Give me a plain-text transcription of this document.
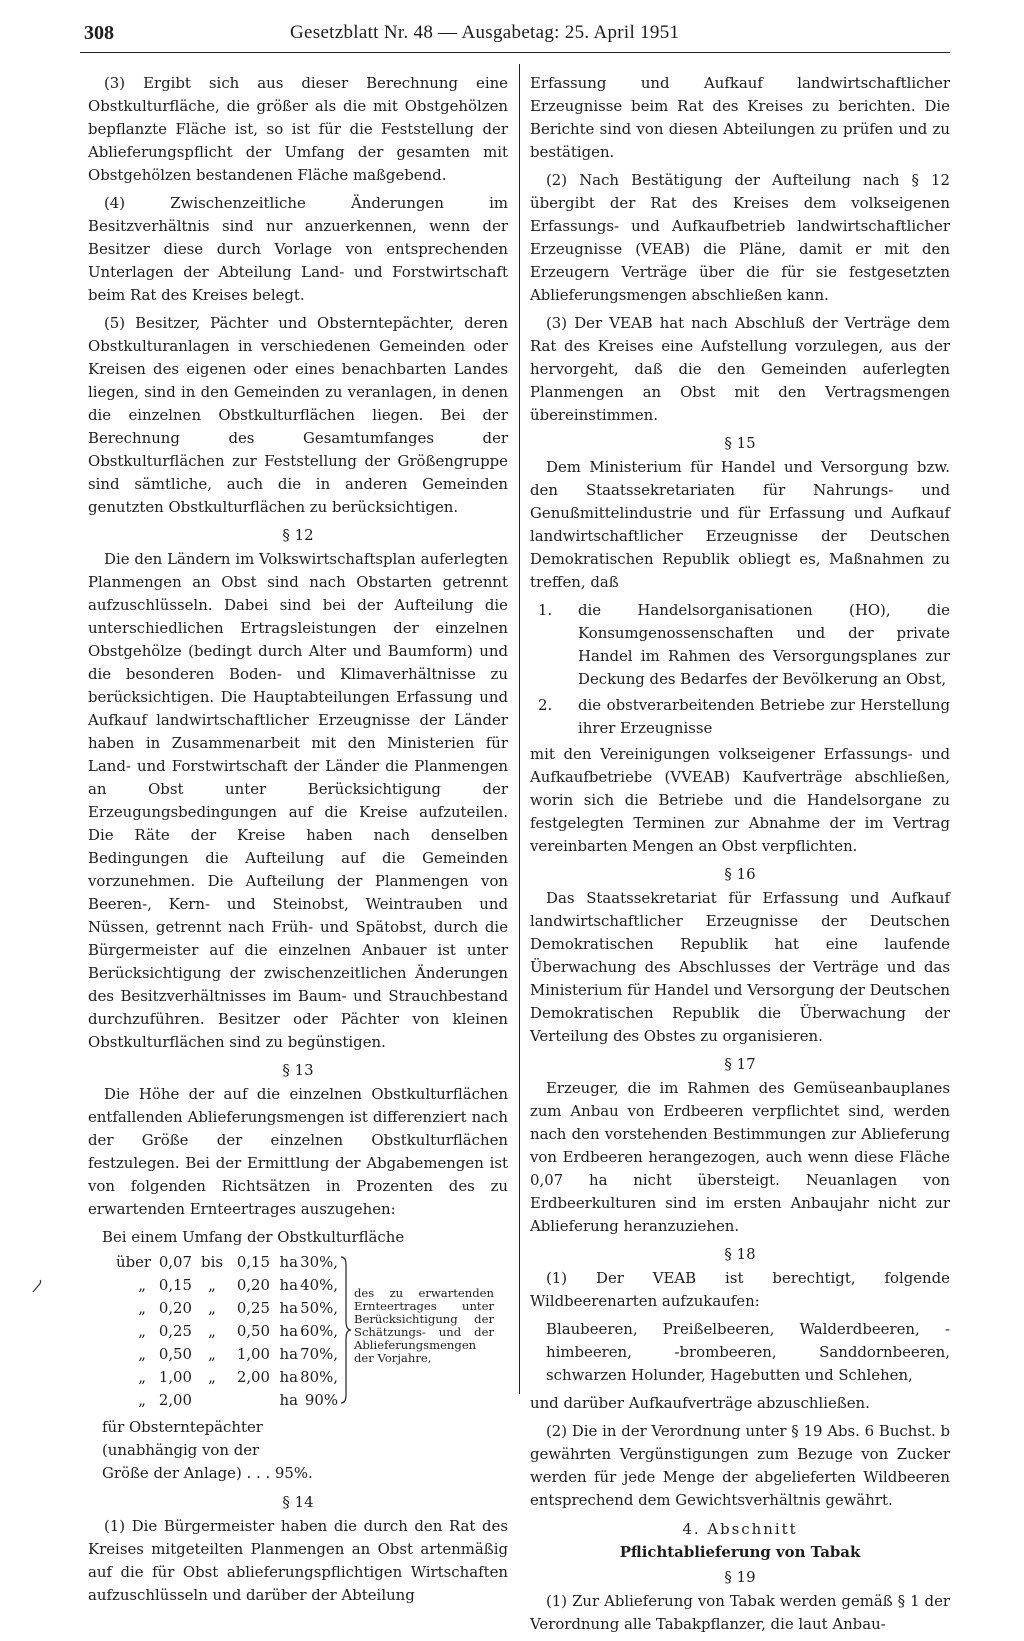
308	Gesetzblatt Nr. 48 — Ausgabetag: 25. April 1951

(3) Ergibt sich aus dieser Berechnung eine Obstkulturfläche, die größer als die mit Obstgehölzen bepflanzte Fläche ist, so ist für die Feststellung der Ablieferungspflicht der Umfang der gesamten mit Obstgehölzen bestandenen Fläche maßgebend.

(4) Zwischenzeitliche Änderungen im Besitzverhältnis sind nur anzuerkennen, wenn der Besitzer diese durch Vorlage von entsprechenden Unterlagen der Abteilung Land- und Forstwirtschaft beim Rat des Kreises belegt.

(5) Besitzer, Pächter und Obsterntepächter, deren Obstkulturanlagen in verschiedenen Gemeinden oder Kreisen des eigenen oder eines benachbarten Landes liegen, sind in den Gemeinden zu veranlagen, in denen die einzelnen Obstkulturflächen liegen. Bei der Berechnung des Gesamtumfanges der Obstkulturflächen zur Feststellung der Größengruppe sind sämtliche, auch die in anderen Gemeinden genutzten Obstkulturflächen zu berücksichtigen.

§ 12

Die den Ländern im Volkswirtschaftsplan auferlegten Planmengen an Obst sind nach Obstarten getrennt aufzuschlüsseln. Dabei sind bei der Aufteilung die unterschiedlichen Ertragsleistungen der einzelnen Obstgehölze (bedingt durch Alter und Baumform) und die besonderen Boden- und Klimaverhältnisse zu berücksichtigen. Die Hauptabteilungen Erfassung und Aufkauf landwirtschaftlicher Erzeugnisse der Länder haben in Zusammenarbeit mit den Ministerien für Land- und Forstwirtschaft der Länder die Planmengen an Obst unter Berücksichtigung der Erzeugungsbedingungen auf die Kreise aufzuteilen. Die Räte der Kreise haben nach denselben Bedingungen die Aufteilung auf die Gemeinden vorzunehmen. Die Aufteilung der Planmengen von Beeren-, Kern- und Steinobst, Weintrauben und Nüssen, getrennt nach Früh- und Spätobst, durch die Bürgermeister auf die einzelnen Anbauer ist unter Berücksichtigung der zwischenzeitlichen Änderungen des Besitzverhältnisses im Baum- und Strauchbestand durchzuführen. Besitzer oder Pächter von kleinen Obstkulturflächen sind zu begünstigen.

§ 13

Die Höhe der auf die einzelnen Obstkulturflächen entfallenden Ablieferungsmengen ist differenziert nach der Größe der einzelnen Obstkulturflächen festzulegen. Bei der Ermittlung der Abgabemengen ist von folgenden Richtsätzen in Prozenten des zu erwartenden Ernteertrages auszugehen:

Bei einem Umfang der Obstkulturfläche
über 0,07 bis 0,15 ha 30%,
„ 0,15 „ 0,20 ha 40%,
„ 0,20 „ 0,25 ha 50%,
„ 0,25 „ 0,50 ha 60%,
„ 0,50 „ 1,00 ha 70%,
„ 1,00 „ 2,00 ha 80%,
„ 2,00	ha 90%
des zu erwartenden Ernteertrages unter Berücksichtigung der Schätzungs- und der Ablieferungsmengen der Vorjahre,
für Obsterntepächter
(unabhängig von der
Größe der Anlage) . . . 95%.
§ 14

(1) Die Bürgermeister haben die durch den Rat des Kreises mitgeteilten Planmengen an Obst artenmäßig auf die für Obst ablieferungspflichtigen Wirtschaften aufzuschlüsseln und darüber der Abteilung

Erfassung und Aufkauf landwirtschaftlicher Erzeugnisse beim Rat des Kreises zu berichten. Die Berichte sind von diesen Abteilungen zu prüfen und zu bestätigen.

(2) Nach Bestätigung der Aufteilung nach § 12 übergibt der Rat des Kreises dem volkseigenen Erfassungs- und Aufkaufbetrieb landwirtschaftlicher Erzeugnisse (VEAB) die Pläne, damit er mit den Erzeugern Verträge über die für sie festgesetzten Ablieferungsmengen abschließen kann.

(3) Der VEAB hat nach Abschluß der Verträge dem Rat des Kreises eine Aufstellung vorzulegen, aus der hervorgeht, daß die den Gemeinden auferlegten Planmengen an Obst mit den Vertragsmengen übereinstimmen.

§ 15

Dem Ministerium für Handel und Versorgung bzw. den Staatssekretariaten für Nahrungs- und Genußmittelindustrie und für Erfassung und Aufkauf landwirtschaftlicher Erzeugnisse der Deutschen Demokratischen Republik obliegt es, Maßnahmen zu treffen, daß

1.	die Handelsorganisationen (HO), die Konsumgenossenschaften und der private Handel im Rahmen des Versorgungsplanes zur Deckung des Bedarfes der Bevölkerung an Obst,
2.	die obstverarbeitenden Betriebe zur Herstellung ihrer Erzeugnisse

mit den Vereinigungen volkseigener Erfassungs- und Aufkaufbetriebe (VVEAB) Kaufverträge abschließen, worin sich die Betriebe und die Handelsorgane zu festgelegten Terminen zur Abnahme der im Vertrag vereinbarten Mengen an Obst verpflichten.

§ 16

Das Staatssekretariat für Erfassung und Aufkauf landwirtschaftlicher Erzeugnisse der Deutschen Demokratischen Republik hat eine laufende Überwachung des Abschlusses der Verträge und das Ministerium für Handel und Versorgung der Deutschen Demokratischen Republik die Überwachung der Verteilung des Obstes zu organisieren.

§ 17

Erzeuger, die im Rahmen des Gemüseanbauplanes zum Anbau von Erdbeeren verpflichtet sind, werden nach den vorstehenden Bestimmungen zur Ablieferung von Erdbeeren herangezogen, auch wenn diese Fläche 0,07 ha nicht übersteigt. Neuanlagen von Erdbeerkulturen sind im ersten Anbaujahr nicht zur Ablieferung heranzuziehen.

§ 18

(1) Der VEAB ist berechtigt, folgende Wildbeerenarten aufzukaufen:

Blaubeeren, Preißelbeeren, Walderdbeeren, -himbeeren, -brombeeren, Sanddornbeeren, schwarzen Holunder, Hagebutten und Schlehen,

und darüber Aufkaufverträge abzuschließen.

(2) Die in der Verordnung unter § 19 Abs. 6 Buchst. b gewährten Vergünstigungen zum Bezuge von Zucker werden für jede Menge der abgelieferten Wildbeeren entsprechend dem Gewichtsverhältnis gewährt.

4. Abschnitt
Pflichtablieferung von Tabak
§ 19

(1) Zur Ablieferung von Tabak werden gemäß § 1 der Verordnung alle Tabakpflanzer, die laut Anbau-
